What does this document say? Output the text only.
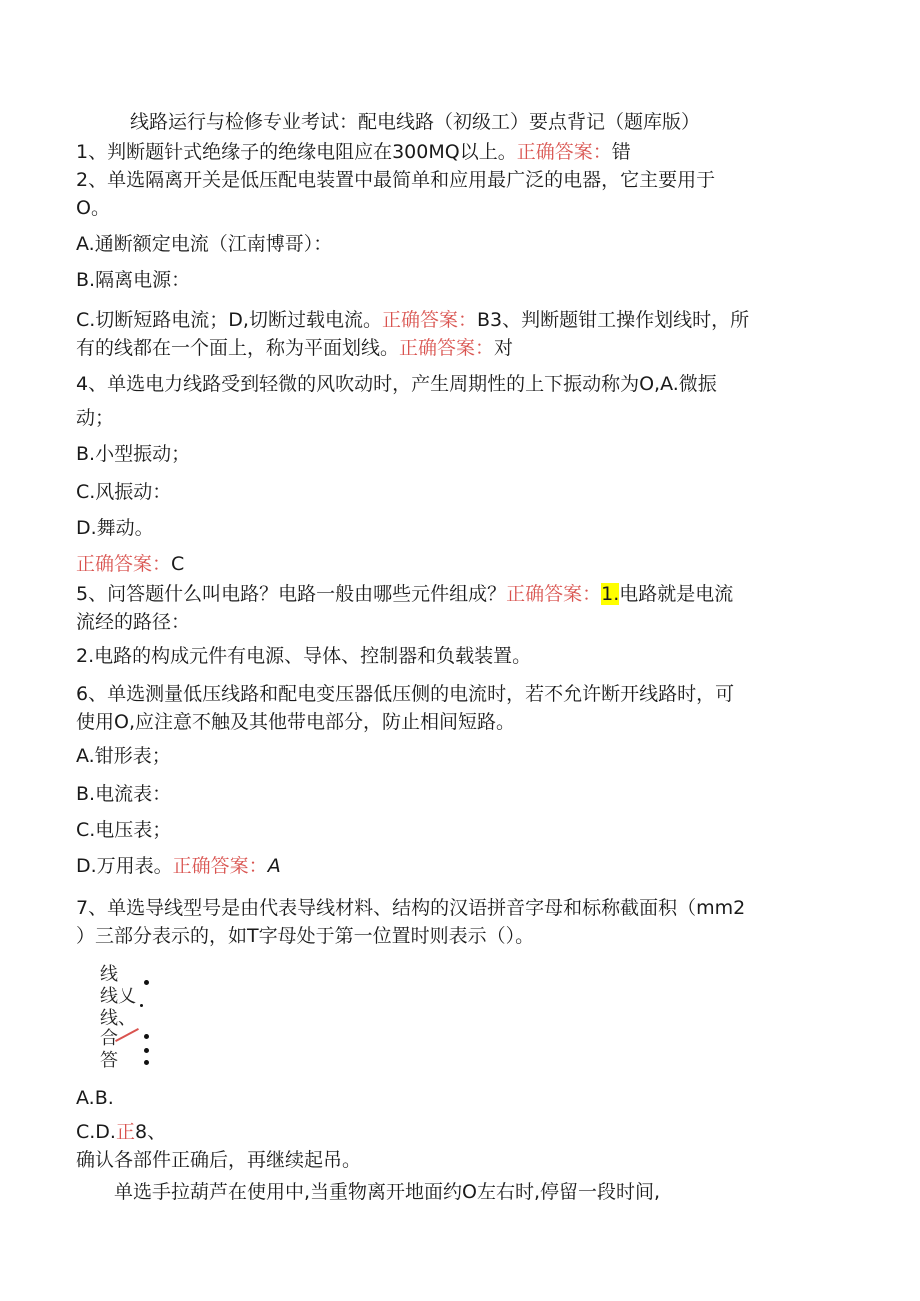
线路运行与检修专业考试：配电线路（初级工）要点背记（题库版）
1、判断题针式绝缘子的绝缘电阻应在300MQ以上。正确答案：错
2、单选隔离开关是低压配电装置中最简单和应用最广泛的电器，它主要用于
O。
A.通断额定电流（江南博哥）：
B.隔离电源：
C.切断短路电流；D,切断过载电流。正确答案：B3、判断题钳工操作划线时，所
有的线都在一个面上，称为平面划线。正确答案：对
4、单选电力线路受到轻微的风吹动时，产生周期性的上下振动称为O,A.微振
动；
B.小型振动；
C.风振动：
D.舞动。
正确答案：C
5、问答题什么叫电路？电路一般由哪些元件组成？正确答案：1.电路就是电流
流经的路径：
2.电路的构成元件有电源、导体、控制器和负载装置。
6、单选测量低压线路和配电变压器低压侧的电流时，若不允许断开线路时，可
使用O,应注意不触及其他带电部分，防止相间短路。
A.钳形表；
B.电流表：
C.电压表；
D.万用表。正确答案：A
7、单选导线型号是由代表导线材料、结构的汉语拼音字母和标称截面积（mm2
）三部分表示的，如T字母处于第一位置时则表示（）。
线
线乂
线、
合
答
A.B.
C.D.正8、
确认各部件正确后，再继续起吊。
单选手拉葫芦在使用中,当重物离开地面约O左右时,停留一段时间,
